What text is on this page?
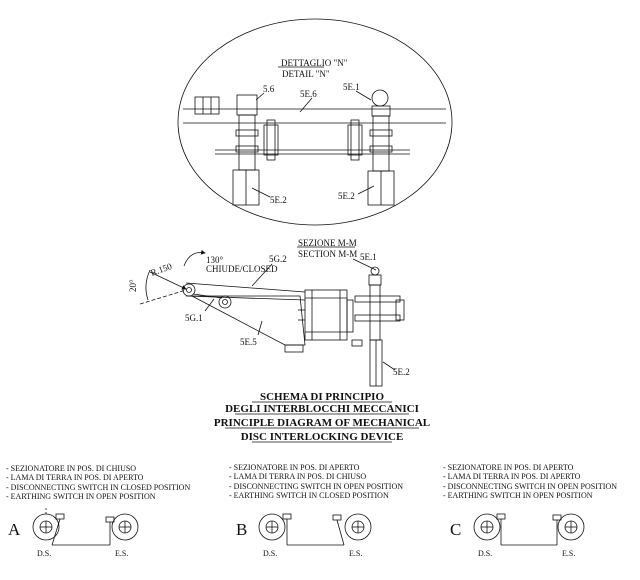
DETTAGLIO "N"
DETAIL "N"
5.6	5E.6
5E.1
5E.2	5E.2
SEZIONE M-M
SECTION M-M
130°
CHIUDE/CLOSED
R.150
20°
5G.2	5E.1
5G.1
5E.5
5E.2
SCHEMA DI PRINCIPIO
DEGLI INTERBLOCCHI MECCANICI
PRINCIPLE DIAGRAM OF MECHANICAL
DISC INTERLOCKING DEVICE
- SEZIONATORE IN POS. DI CHIUSO
- LAMA DI TERRA IN POS. DI APERTO
- DISCONNECTING SWITCH IN CLOSED POSITION
- EARTHING SWITCH IN OPEN POSITION
A
D.S.	E.S.
- SEZIONATORE IN POS. DI APERTO
- LAMA DI TERRA IN POS. DI CHIUSO
- DISCONNECTING SWITCH IN OPEN POSITION
- EARTHING SWITCH IN CLOSED POSITION
B
D.S.	E.S.
- SEZIONATORE IN POS. DI APERTO
- LAMA DI TERRA IN POS. DI APERTO
- DISCONNECTING SWITCH IN OPEN POSITION
- EARTHING SWITCH IN OPEN POSITION
C
D.S.	E.S.
